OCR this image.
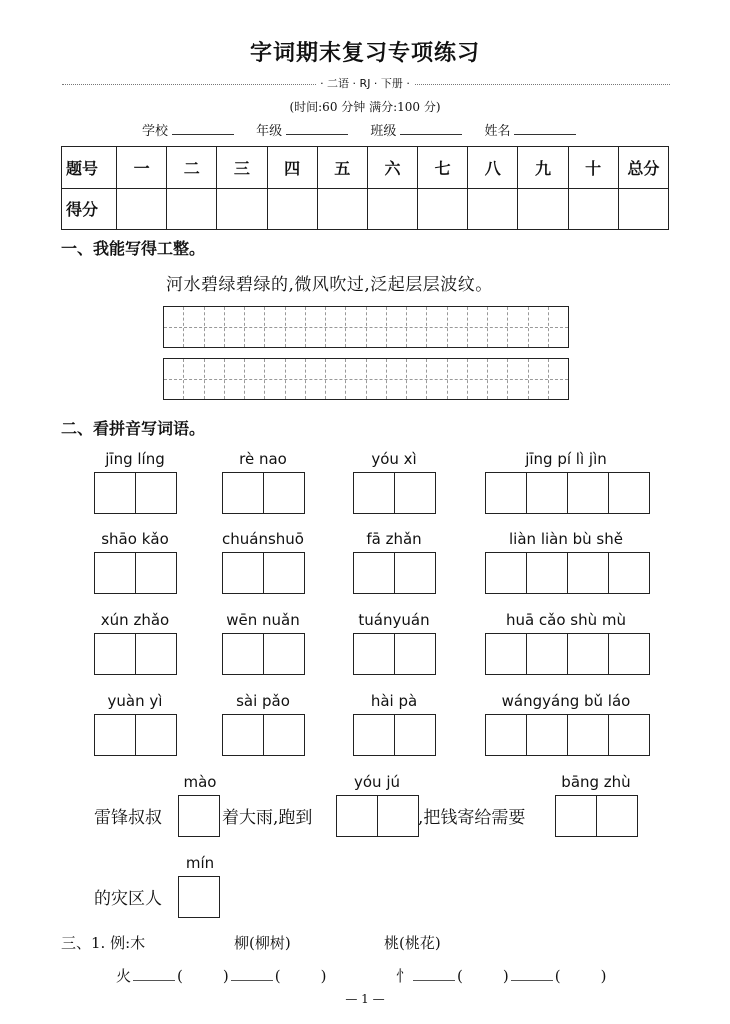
字词期末复习专项练习
· 二语 · RJ · 下册 ·
(时间:60 分钟 满分:100 分)
学校	年级	班级	姓名
题号	一	二	三	四	五	六	七	八	九	十	总分
得分											
一、我能写得工整。
河水碧绿碧绿的,微风吹过,泛起层层波纹。
二、看拼音写词语。
jīng líng	rè nao	yóu xì	jīng pí lì jìn
shāo kǎo	chuánshuō	fā zhǎn	liàn liàn bù shě
xún zhǎo	wēn nuǎn	tuányuán	huā cǎo shù mù
yuàn yì	sài pǎo	hài pà	wángyáng bǔ láo
mào	yóu jú	bāng zhù
mín
雷锋叔叔	着大雨,跑到	,把钱寄给需要
的灾区人
三、1. 例:木	柳(柳树)	桃(桃花)
火	(	)	(	)	忄	(	)	(	)
— 1 —
